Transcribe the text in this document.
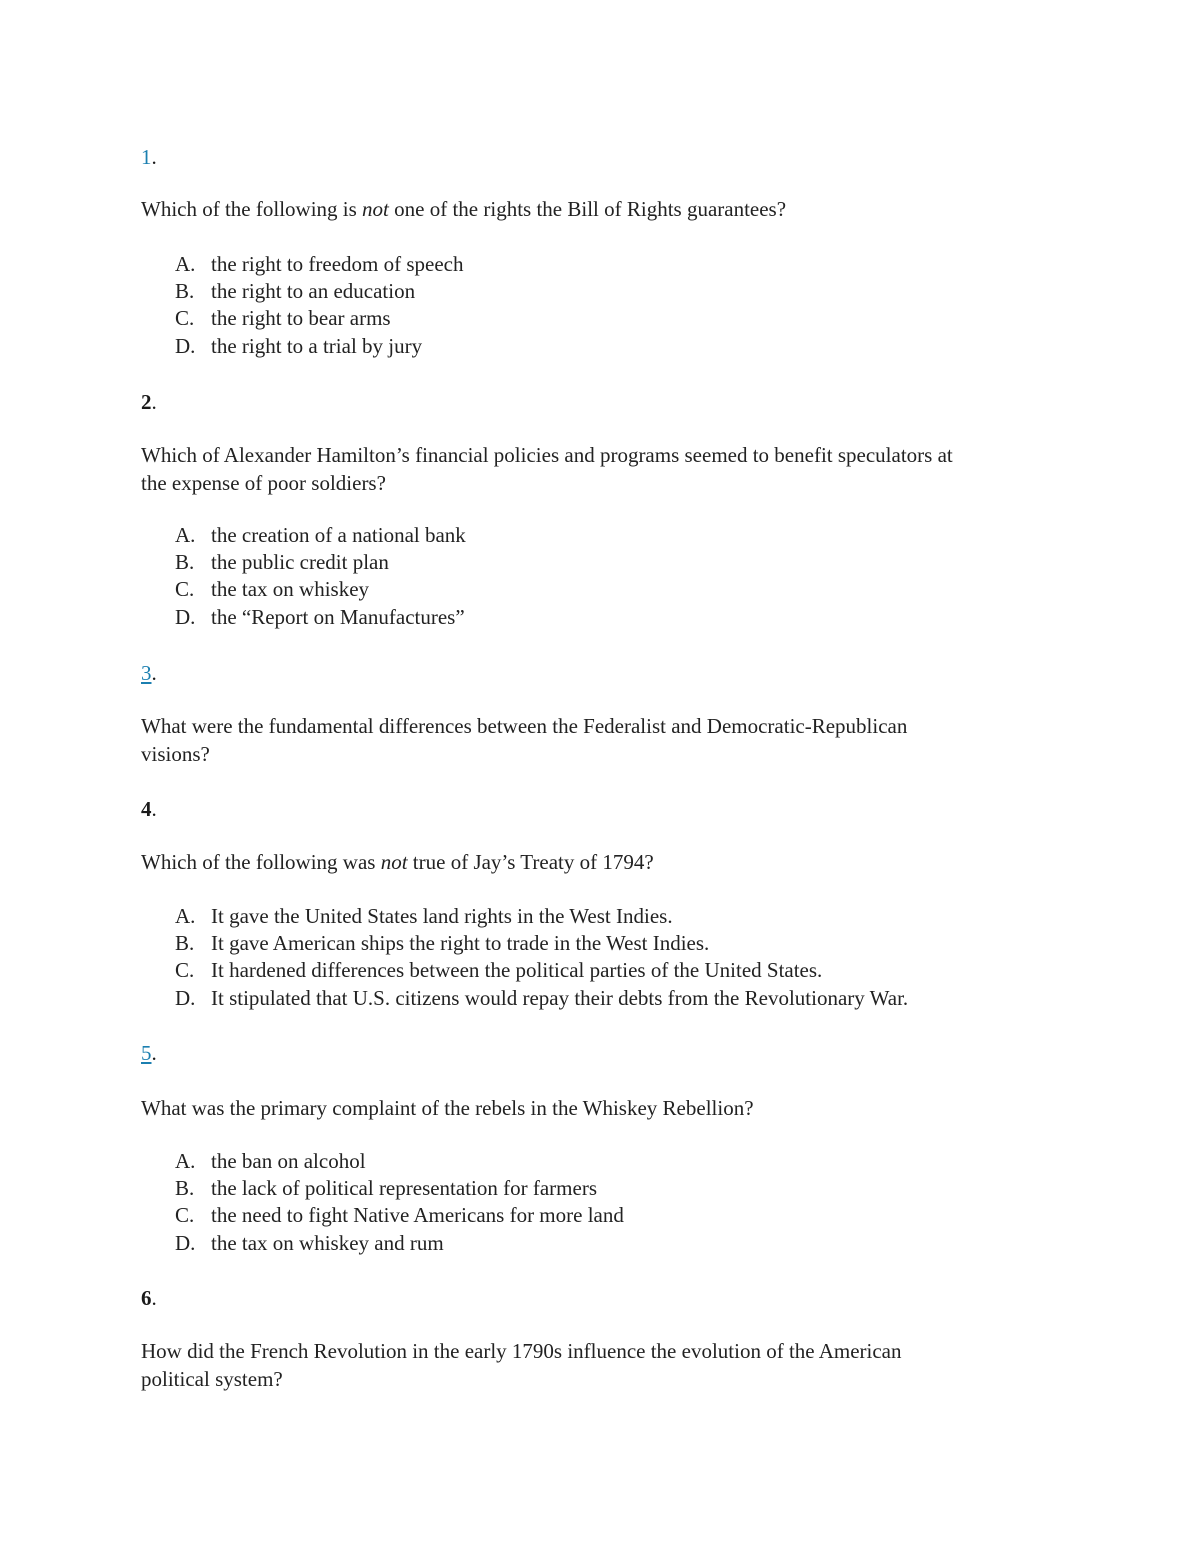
1.
Which of the following is not one of the rights the Bill of Rights guarantees?
A. the right to freedom of speech
B. the right to an education
C. the right to bear arms
D. the right to a trial by jury
2.
Which of Alexander Hamilton’s financial policies and programs seemed to benefit speculators at
the expense of poor soldiers?
A. the creation of a national bank
B. the public credit plan
C. the tax on whiskey
D. the “Report on Manufactures”
3.
What were the fundamental differences between the Federalist and Democratic-Republican
visions?
4.
Which of the following was not true of Jay’s Treaty of 1794?
A. It gave the United States land rights in the West Indies.
B. It gave American ships the right to trade in the West Indies.
C. It hardened differences between the political parties of the United States.
D. It stipulated that U.S. citizens would repay their debts from the Revolutionary War.
5.
What was the primary complaint of the rebels in the Whiskey Rebellion?
A. the ban on alcohol
B. the lack of political representation for farmers
C. the need to fight Native Americans for more land
D. the tax on whiskey and rum
6.
How did the French Revolution in the early 1790s influence the evolution of the American
political system?
